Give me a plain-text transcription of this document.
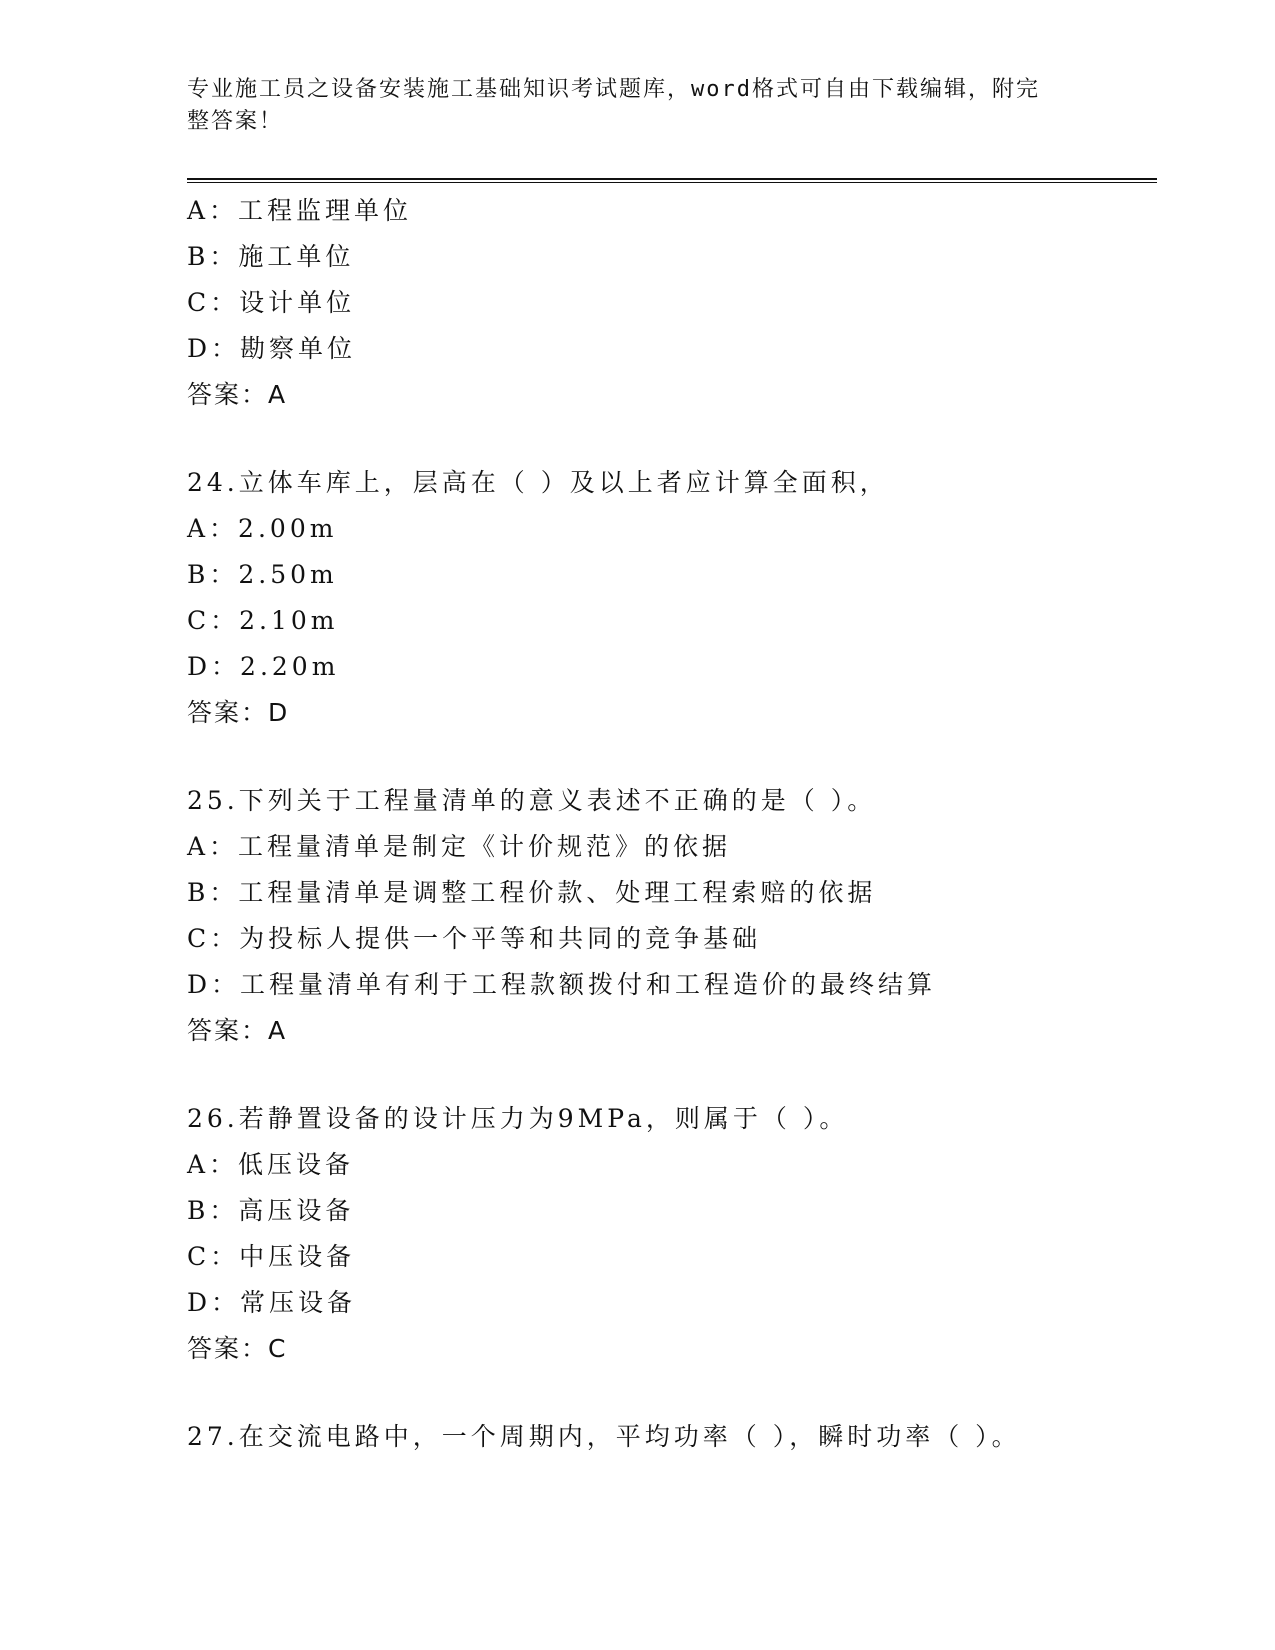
专业施工员之设备安装施工基础知识考试题库，word格式可自由下载编辑，附完
整答案！
A：工程监理单位
B：施工单位
C：设计单位
D：勘察单位
答案：A
24.立体车库上，层高在（ ）及以上者应计算全面积，
A：2.00m
B：2.50m
C：2.10m
D：2.20m
答案：D
25.下列关于工程量清单的意义表述不正确的是（ ）。
A：工程量清单是制定《计价规范》的依据
B：工程量清单是调整工程价款、处理工程索赔的依据
C：为投标人提供一个平等和共同的竞争基础
D：工程量清单有利于工程款额拨付和工程造价的最终结算
答案：A
26.若静置设备的设计压力为9MPa，则属于（ ）。
A：低压设备
B：高压设备
C：中压设备
D：常压设备
答案：C
27.在交流电路中，一个周期内，平均功率（ ），瞬时功率（ ）。
